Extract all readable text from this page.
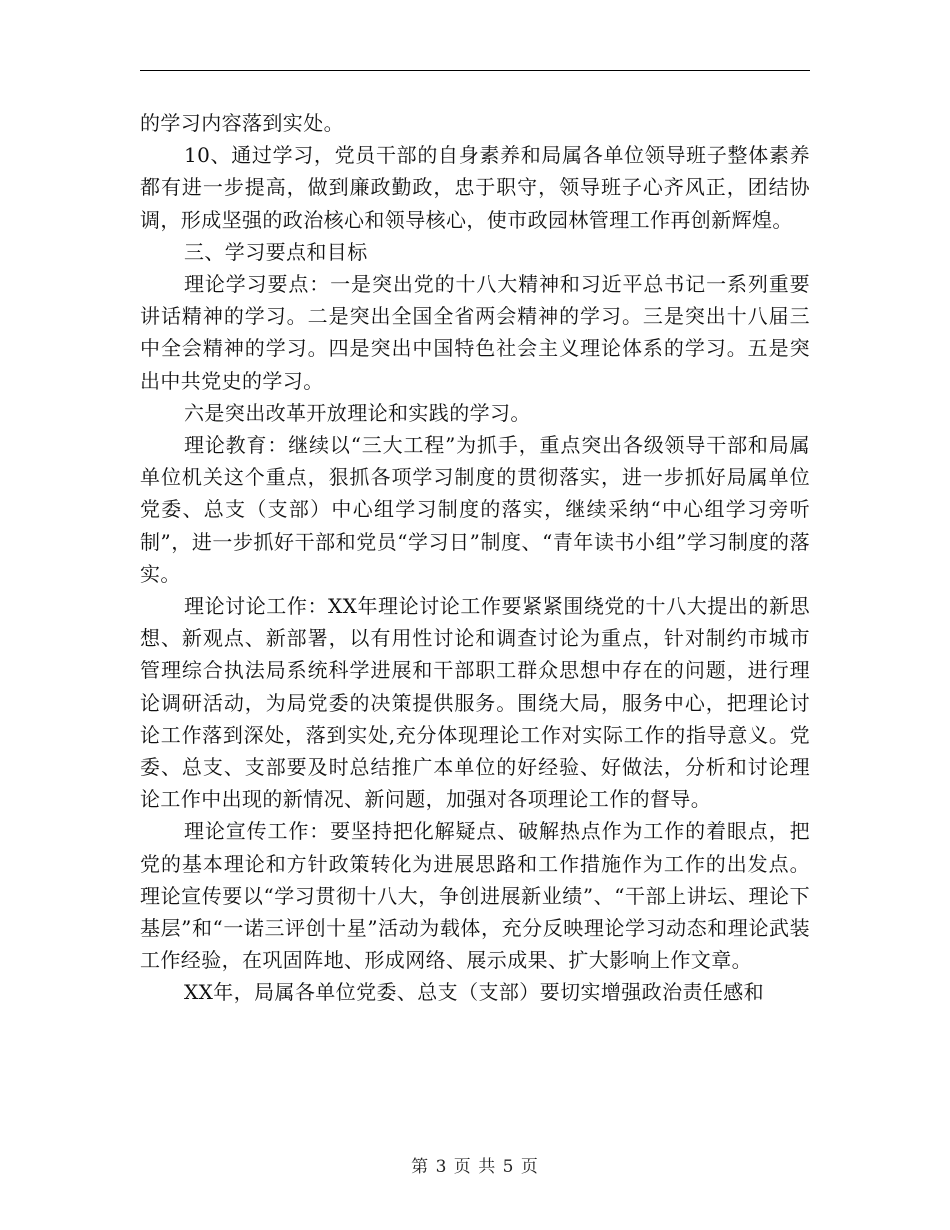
的学习内容落到实处。

10、通过学习，党员干部的自身素养和局属各单位领导班子整体素养都有进一步提高，做到廉政勤政，忠于职守，领导班子心齐风正，团结协调，形成坚强的政治核心和领导核心，使市政园林管理工作再创新辉煌。

三、学习要点和目标

理论学习要点：一是突出党的十八大精神和习近平总书记一系列重要讲话精神的学习。二是突出全国全省两会精神的学习。三是突出十八届三中全会精神的学习。四是突出中国特色社会主义理论体系的学习。五是突出中共党史的学习。

六是突出改革开放理论和实践的学习。

理论教育：继续以“三大工程”为抓手，重点突出各级领导干部和局属单位机关这个重点，狠抓各项学习制度的贯彻落实，进一步抓好局属单位党委、总支（支部）中心组学习制度的落实，继续采纳“中心组学习旁听制”，进一步抓好干部和党员“学习日”制度、“青年读书小组”学习制度的落实。

理论讨论工作：XX年理论讨论工作要紧紧围绕党的十八大提出的新思想、新观点、新部署，以有用性讨论和调查讨论为重点，针对制约市城市管理综合执法局系统科学进展和干部职工群众思想中存在的问题，进行理论调研活动，为局党委的决策提供服务。围绕大局，服务中心，把理论讨论工作落到深处，落到实处,充分体现理论工作对实际工作的指导意义。党委、总支、支部要及时总结推广本单位的好经验、好做法，分析和讨论理论工作中出现的新情况、新问题，加强对各项理论工作的督导。

理论宣传工作：要坚持把化解疑点、破解热点作为工作的着眼点，把党的基本理论和方针政策转化为进展思路和工作措施作为工作的出发点。理论宣传要以“学习贯彻十八大，争创进展新业绩”、“干部上讲坛、理论下基层”和“一诺三评创十星”活动为载体，充分反映理论学习动态和理论武装工作经验，在巩固阵地、形成网络、展示成果、扩大影响上作文章。

XX年，局属各单位党委、总支（支部）要切实增强政治责任感和

第 3 页 共 5 页
